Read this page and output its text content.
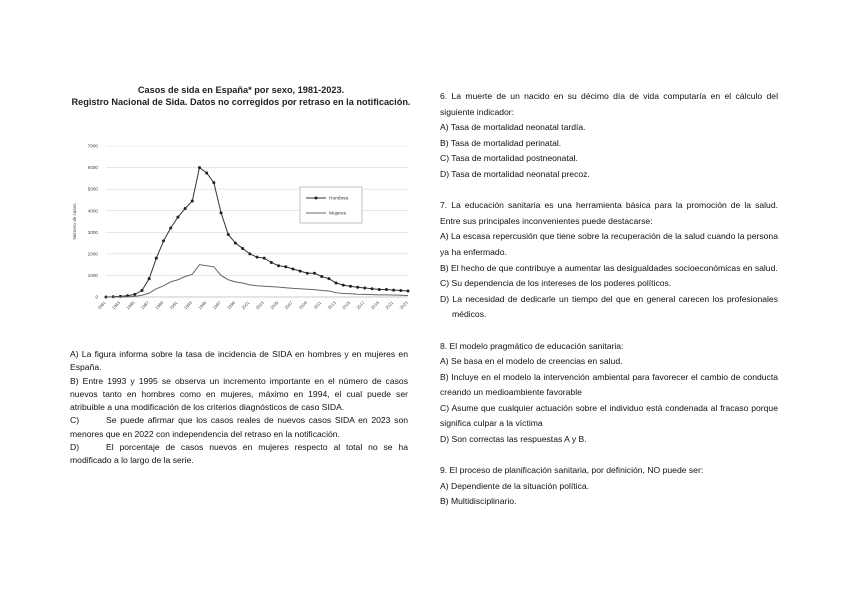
Casos de sida en España* por sexo, 1981-2023.
Registro Nacional de Sida. Datos no corregidos por retraso en la notificación.
0
1000
2000
3000
4000
5000
6000
7000
1981 1983 1985 1987 1989 1991 1993 1995 1997 1999 2001 2003 2005 2007 2009 2011 2013 2015 2017 2019 2021 2023
Número de casos
Hombres
Mujeres

A) La figura informa sobre la tasa de incidencia de SIDA en hombres y en mujeres en España.

B) Entre 1993 y 1995 se observa un incremento importante en el número de casos nuevos tanto en hombres como en mujeres, máximo en 1994, el cual puede ser atribuible a una modificación de los criterios diagnósticos de caso SIDA.

C)	Se puede afirmar que los casos reales de nuevos casos SIDA en 2023 son menores que en 2022 con independencia del retraso en la notificación.

D)	El porcentaje de casos nuevos en mujeres respecto al total no se ha modificado a lo largo de la serie.

6. La muerte de un nacido en su décimo día de vida computaría en el cálculo del siguiente indicador:

A) Tasa de mortalidad neonatal tardía.

B) Tasa de mortalidad perinatal.

C) Tasa de mortalidad postneonatal.

D) Tasa de mortalidad neonatal precoz.

7. La educación sanitaria es una herramienta básica para la promoción de la salud. Entre sus principales inconvenientes puede destacarse:

A) La escasa repercusión que tiene sobre la recuperación de la salud cuando la persona ya ha enfermado.

B) El hecho de que contribuye a aumentar las desigualdades socioeconómicas en salud.

C) Su dependencia de los intereses de los poderes políticos.

D) La necesidad de dedicarle un tiempo del que en general carecen los profesionales médicos.

8. El modelo pragmático de educación sanitaria:

A) Se basa en el modelo de creencias en salud.

B) Incluye en el modelo la intervención ambiental para favorecer el cambio de conducta creando un medioambiente favorable

C) Asume que cualquier actuación sobre el individuo está condenada al fracaso porque significa culpar a la víctima

D) Son correctas las respuestas A y B.

9. El proceso de planificación sanitaria, por definición, NO puede ser:

A) Dependiente de la situación política.

B) Multidisciplinario.
